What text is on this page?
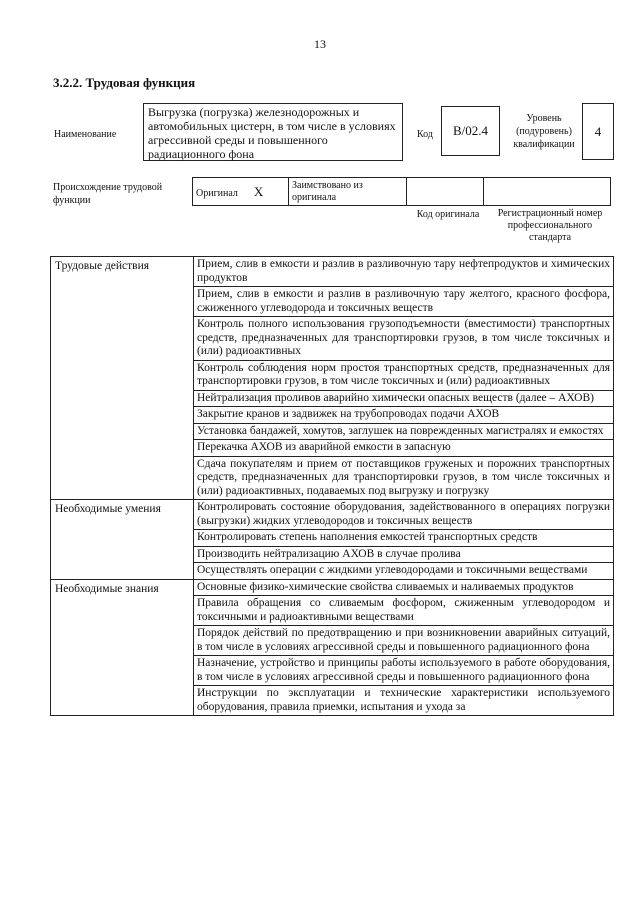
13
3.2.2. Трудовая функция
Наименование
Выгрузка (погрузка) железнодорожных и автомобильных цистерн, в том числе в условиях агрессивной среды и повышенного радиационного фона
Код	В/02.4
Уровень (подуровень) квалификации
4
Происхождение трудовой функции
Оригинал X	Заимствовано из оригинала		
Код оригинала	Регистрационный номер профессионального стандарта
Трудовые действия	Прием, слив в емкости и разлив в разливочную тару нефтепродуктов и химических продуктов
	Прием, слив в емкости и разлив в разливочную тару желтого, красного фосфора, сжиженного углеводорода и токсичных веществ
	Контроль полного использования грузоподъемности (вместимости) транспортных средств, предназначенных для транспортировки грузов, в том числе токсичных и (или) радиоактивных
	Контроль соблюдения норм простоя транспортных средств, предназначенных для транспортировки грузов, в том числе токсичных и (или) радиоактивных
	Нейтрализация проливов аварийно химически опасных веществ (далее – АХОВ)
	Закрытие кранов и задвижек на трубопроводах подачи АХОВ
	Установка бандажей, хомутов, заглушек на поврежденных магистралях и емкостях
	Перекачка АХОВ из аварийной емкости в запасную
	Сдача покупателям и прием от поставщиков груженых и порожних транспортных средств, предназначенных для транспортировки грузов, в том числе токсичных и (или) радиоактивных, подаваемых под выгрузку и погрузку
Необходимые умения	Контролировать состояние оборудования, задействованного в операциях погрузки (выгрузки) жидких углеводородов и токсичных веществ
	Контролировать степень наполнения емкостей транспортных средств
	Производить нейтрализацию АХОВ в случае пролива
	Осуществлять операции с жидкими углеводородами и токсичными веществами
Необходимые знания	Основные физико-химические свойства сливаемых и наливаемых продуктов
	Правила обращения со сливаемым фосфором, сжиженным углеводородом и токсичными и радиоактивными веществами
	Порядок действий по предотвращению и при возникновении аварийных ситуаций, в том числе в условиях агрессивной среды и повышенного радиационного фона
	Назначение, устройство и принципы работы используемого в работе оборудования, в том числе в условиях агрессивной среды и повышенного радиационного фона
	Инструкции по эксплуатации и технические характеристики используемого оборудования, правила приемки, испытания и ухода за
